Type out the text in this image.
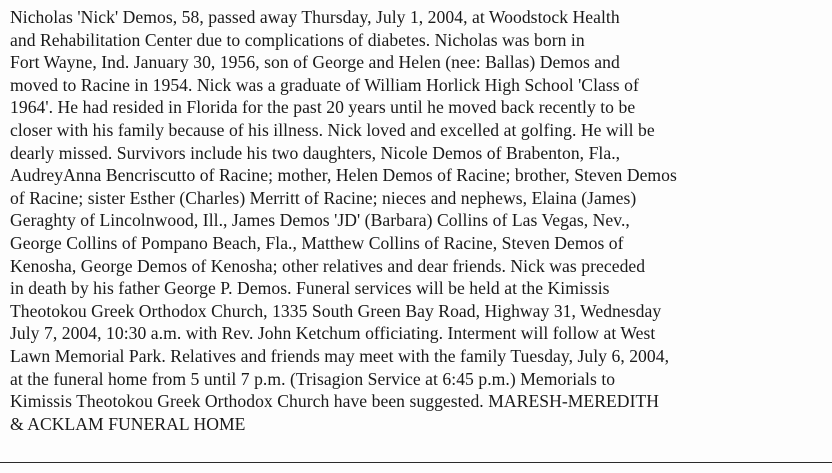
Nicholas 'Nick' Demos, 58, passed away Thursday, July 1, 2004, at Woodstock Health
and Rehabilitation Center due to complications of diabetes. Nicholas was born in
Fort Wayne, Ind. January 30, 1956, son of George and Helen (nee: Ballas) Demos and
moved to Racine in 1954. Nick was a graduate of William Horlick High School 'Class of
1964'. He had resided in Florida for the past 20 years until he moved back recently to be
closer with his family because of his illness. Nick loved and excelled at golfing. He will be
dearly missed. Survivors include his two daughters, Nicole Demos of Brabenton, Fla.,
AudreyAnna Bencriscutto of Racine; mother, Helen Demos of Racine; brother, Steven Demos
of Racine; sister Esther (Charles) Merritt of Racine; nieces and nephews, Elaina (James)
Geraghty of Lincolnwood, Ill., James Demos 'JD' (Barbara) Collins of Las Vegas, Nev.,
George Collins of Pompano Beach, Fla., Matthew Collins of Racine, Steven Demos of
Kenosha, George Demos of Kenosha; other relatives and dear friends. Nick was preceded
in death by his father George P. Demos. Funeral services will be held at the Kimissis
Theotokou Greek Orthodox Church, 1335 South Green Bay Road, Highway 31, Wednesday
July 7, 2004, 10:30 a.m. with Rev. John Ketchum officiating. Interment will follow at West
Lawn Memorial Park. Relatives and friends may meet with the family Tuesday, July 6, 2004,
at the funeral home from 5 until 7 p.m. (Trisagion Service at 6:45 p.m.) Memorials to
Kimissis Theotokou Greek Orthodox Church have been suggested. MARESH-MEREDITH
& ACKLAM FUNERAL HOME
